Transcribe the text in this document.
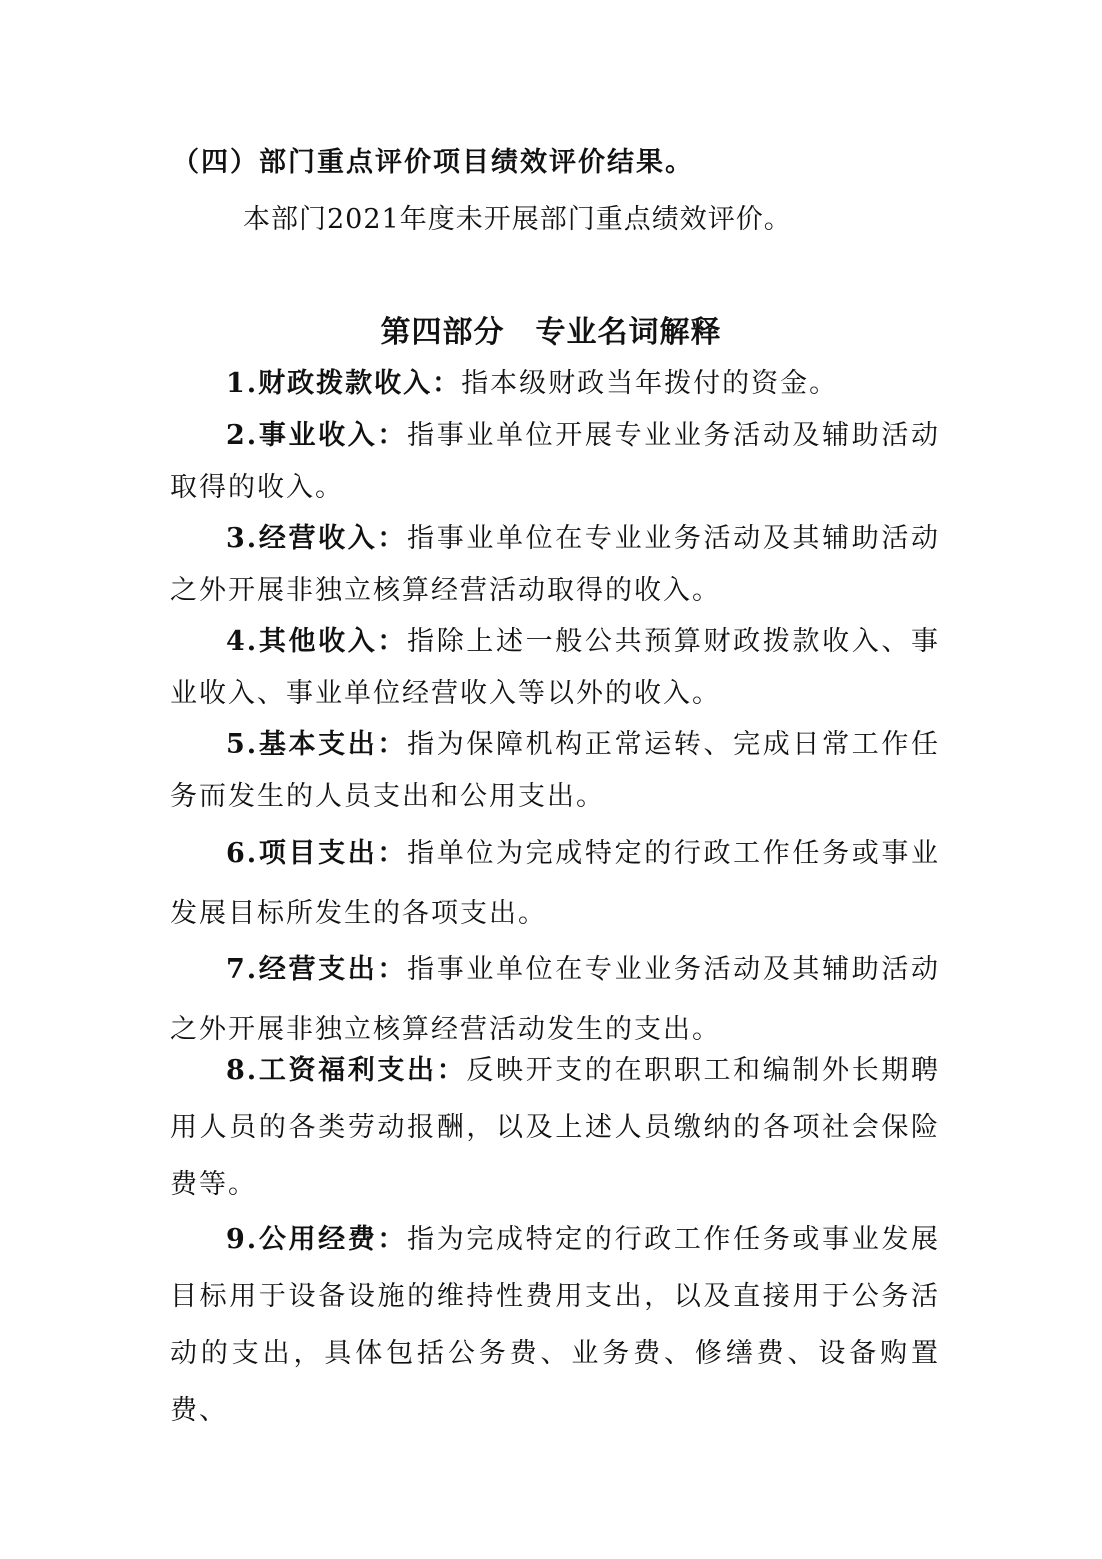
（四）部门重点评价项目绩效评价结果。
本部门2021年度未开展部门重点绩效评价。
第四部分　专业名词解释

1.财政拨款收入：指本级财政当年拨付的资金。

2.事业收入：指事业单位开展专业业务活动及辅助活动取得的收入。

3.经营收入：指事业单位在专业业务活动及其辅助活动之外开展非独立核算经营活动取得的收入。

4.其他收入：指除上述一般公共预算财政拨款收入、事业收入、事业单位经营收入等以外的收入。

5.基本支出：指为保障机构正常运转、完成日常工作任务而发生的人员支出和公用支出。

6.项目支出：指单位为完成特定的行政工作任务或事业发展目标所发生的各项支出。

7.经营支出：指事业单位在专业业务活动及其辅助活动之外开展非独立核算经营活动发生的支出。

8.工资福利支出：反映开支的在职职工和编制外长期聘用人员的各类劳动报酬，以及上述人员缴纳的各项社会保险费等。

9.公用经费：指为完成特定的行政工作任务或事业发展目标用于设备设施的维持性费用支出，以及直接用于公务活动的支出，具体包括公务费、业务费、修缮费、设备购置费、
